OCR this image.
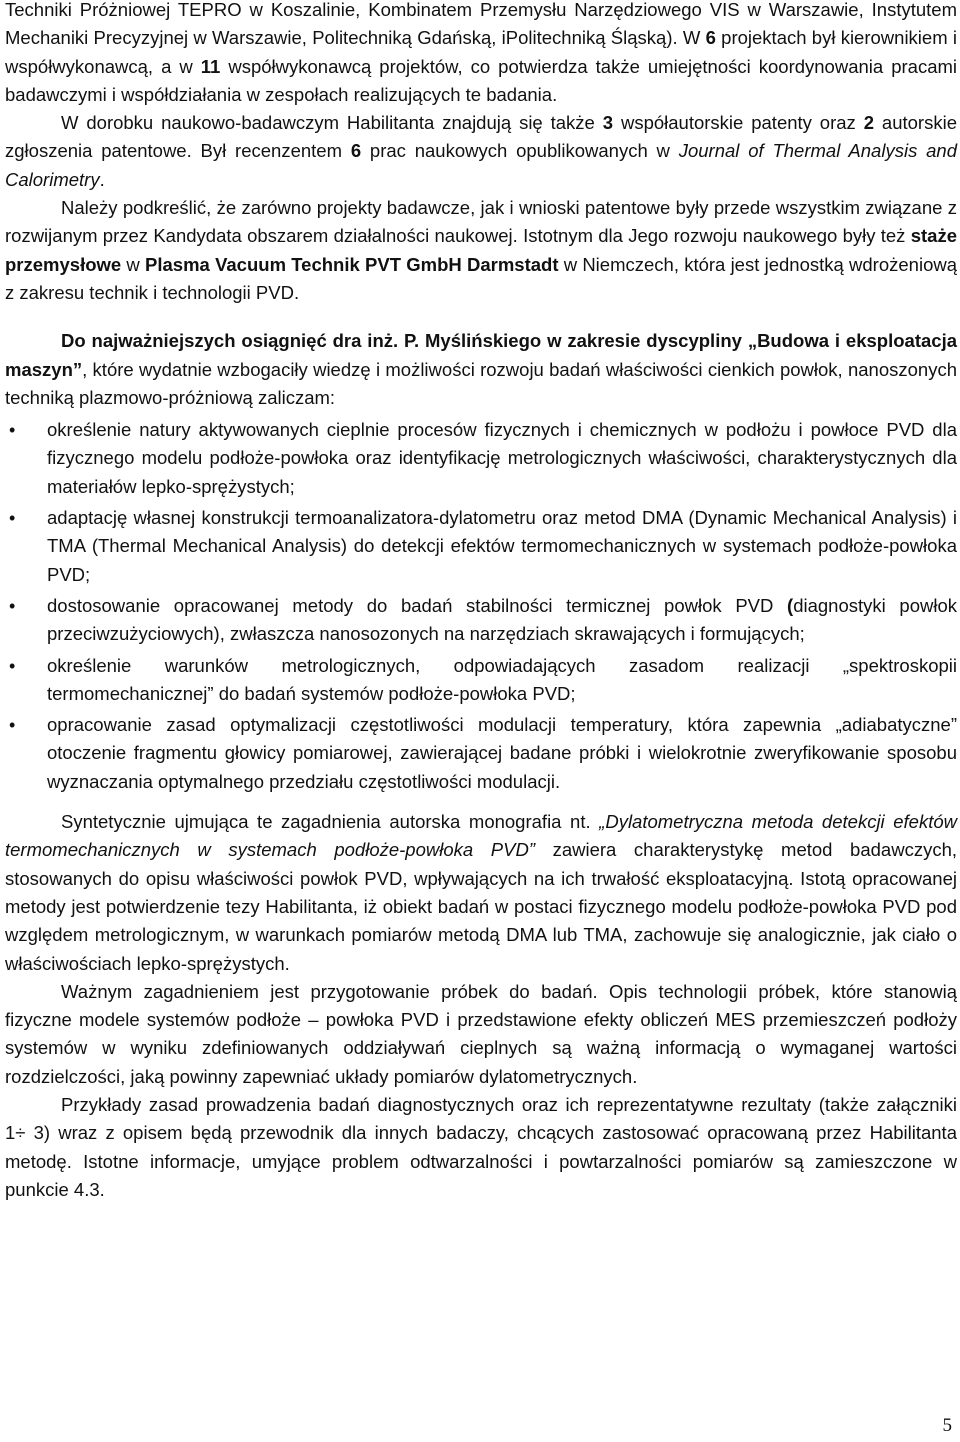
Techniki Próżniowej TEPRO w Koszalinie, Kombinatem Przemysłu Narzędziowego VIS w Warszawie, Instytutem Mechaniki Precyzyjnej w Warszawie, Politechniką Gdańską, iPolitechniką Śląską). W 6 projektach był kierownikiem i współwykonawcą, a w 11 współwykonawcą projektów, co potwierdza także umiejętności koordynowania pracami badawczymi i współdziałania w zespołach realizujących te badania.

W dorobku naukowo-badawczym Habilitanta znajdują się także 3 współautorskie patenty oraz 2 autorskie zgłoszenia patentowe. Był recenzentem 6 prac naukowych opublikowanych w Journal of Thermal Analysis and Calorimetry.

Należy podkreślić, że zarówno projekty badawcze, jak i wnioski patentowe były przede wszystkim związane z rozwijanym przez Kandydata obszarem działalności naukowej. Istotnym dla Jego rozwoju naukowego były też staże przemysłowe w Plasma Vacuum Technik PVT GmbH Darmstadt w Niemczech, która jest jednostką wdrożeniową z zakresu technik i technologii PVD.

Do najważniejszych osiągnięć dra inż. P. Myślińskiego w zakresie dyscypliny „Budowa i eksploatacja maszyn”, które wydatnie wzbogaciły wiedzę i możliwości rozwoju badań właściwości cienkich powłok, nanoszonych techniką plazmowo-próżniową zaliczam:

• określenie natury aktywowanych cieplnie procesów fizycznych i chemicznych w podłożu i powłoce PVD dla fizycznego modelu podłoże-powłoka oraz identyfikację metrologicznych właściwości, charakterystycznych dla materiałów lepko-sprężystych;
• adaptację własnej konstrukcji termoanalizatora-dylatometru oraz metod DMA (Dynamic Mechanical Analysis) i TMA (Thermal Mechanical Analysis) do detekcji efektów termomechanicznych w systemach podłoże-powłoka PVD;
• dostosowanie opracowanej metody do badań stabilności termicznej powłok PVD (diagnostyki powłok przeciwzużyciowych), zwłaszcza nanosozonych na narzędziach skrawających i formujących;
• określenie warunków metrologicznych, odpowiadających zasadom realizacji „spektroskopii termomechanicznej” do badań systemów podłoże-powłoka PVD;
• opracowanie zasad optymalizacji częstotliwości modulacji temperatury, która zapewnia „adiabatyczne” otoczenie fragmentu głowicy pomiarowej, zawierającej badane próbki i wielokrotnie zweryfikowanie sposobu wyznaczania optymalnego przedziału częstotliwości modulacji.

Syntetycznie ujmująca te zagadnienia autorska monografia nt. „Dylatometryczna metoda detekcji efektów termomechanicznych w systemach podłoże-powłoka PVD” zawiera charakterystykę metod badawczych, stosowanych do opisu właściwości powłok PVD, wpływających na ich trwałość eksploatacyjną. Istotą opracowanej metody jest potwierdzenie tezy Habilitanta, iż obiekt badań w postaci fizycznego modelu podłoże-powłoka PVD pod względem metrologicznym, w warunkach pomiarów metodą DMA lub TMA, zachowuje się analogicznie, jak ciało o właściwościach lepko-sprężystych.

Ważnym zagadnieniem jest przygotowanie próbek do badań. Opis technologii próbek, które stanowią fizyczne modele systemów podłoże – powłoka PVD i przedstawione efekty obliczeń MES przemieszczeń podłoży systemów w wyniku zdefiniowanych oddziaływań cieplnych są ważną informacją o wymaganej wartości rozdzielczości, jaką powinny zapewniać układy pomiarów dylatometrycznych.

Przykłady zasad prowadzenia badań diagnostycznych oraz ich reprezentatywne rezultaty (także załączniki 1÷ 3) wraz z opisem będą przewodnik dla innych badaczy, chcących zastosować opracowaną przez Habilitanta metodę. Istotne informacje, umyjące problem odtwarzalności i powtarzalności pomiarów są zamieszczone w punkcie 4.3.

5
